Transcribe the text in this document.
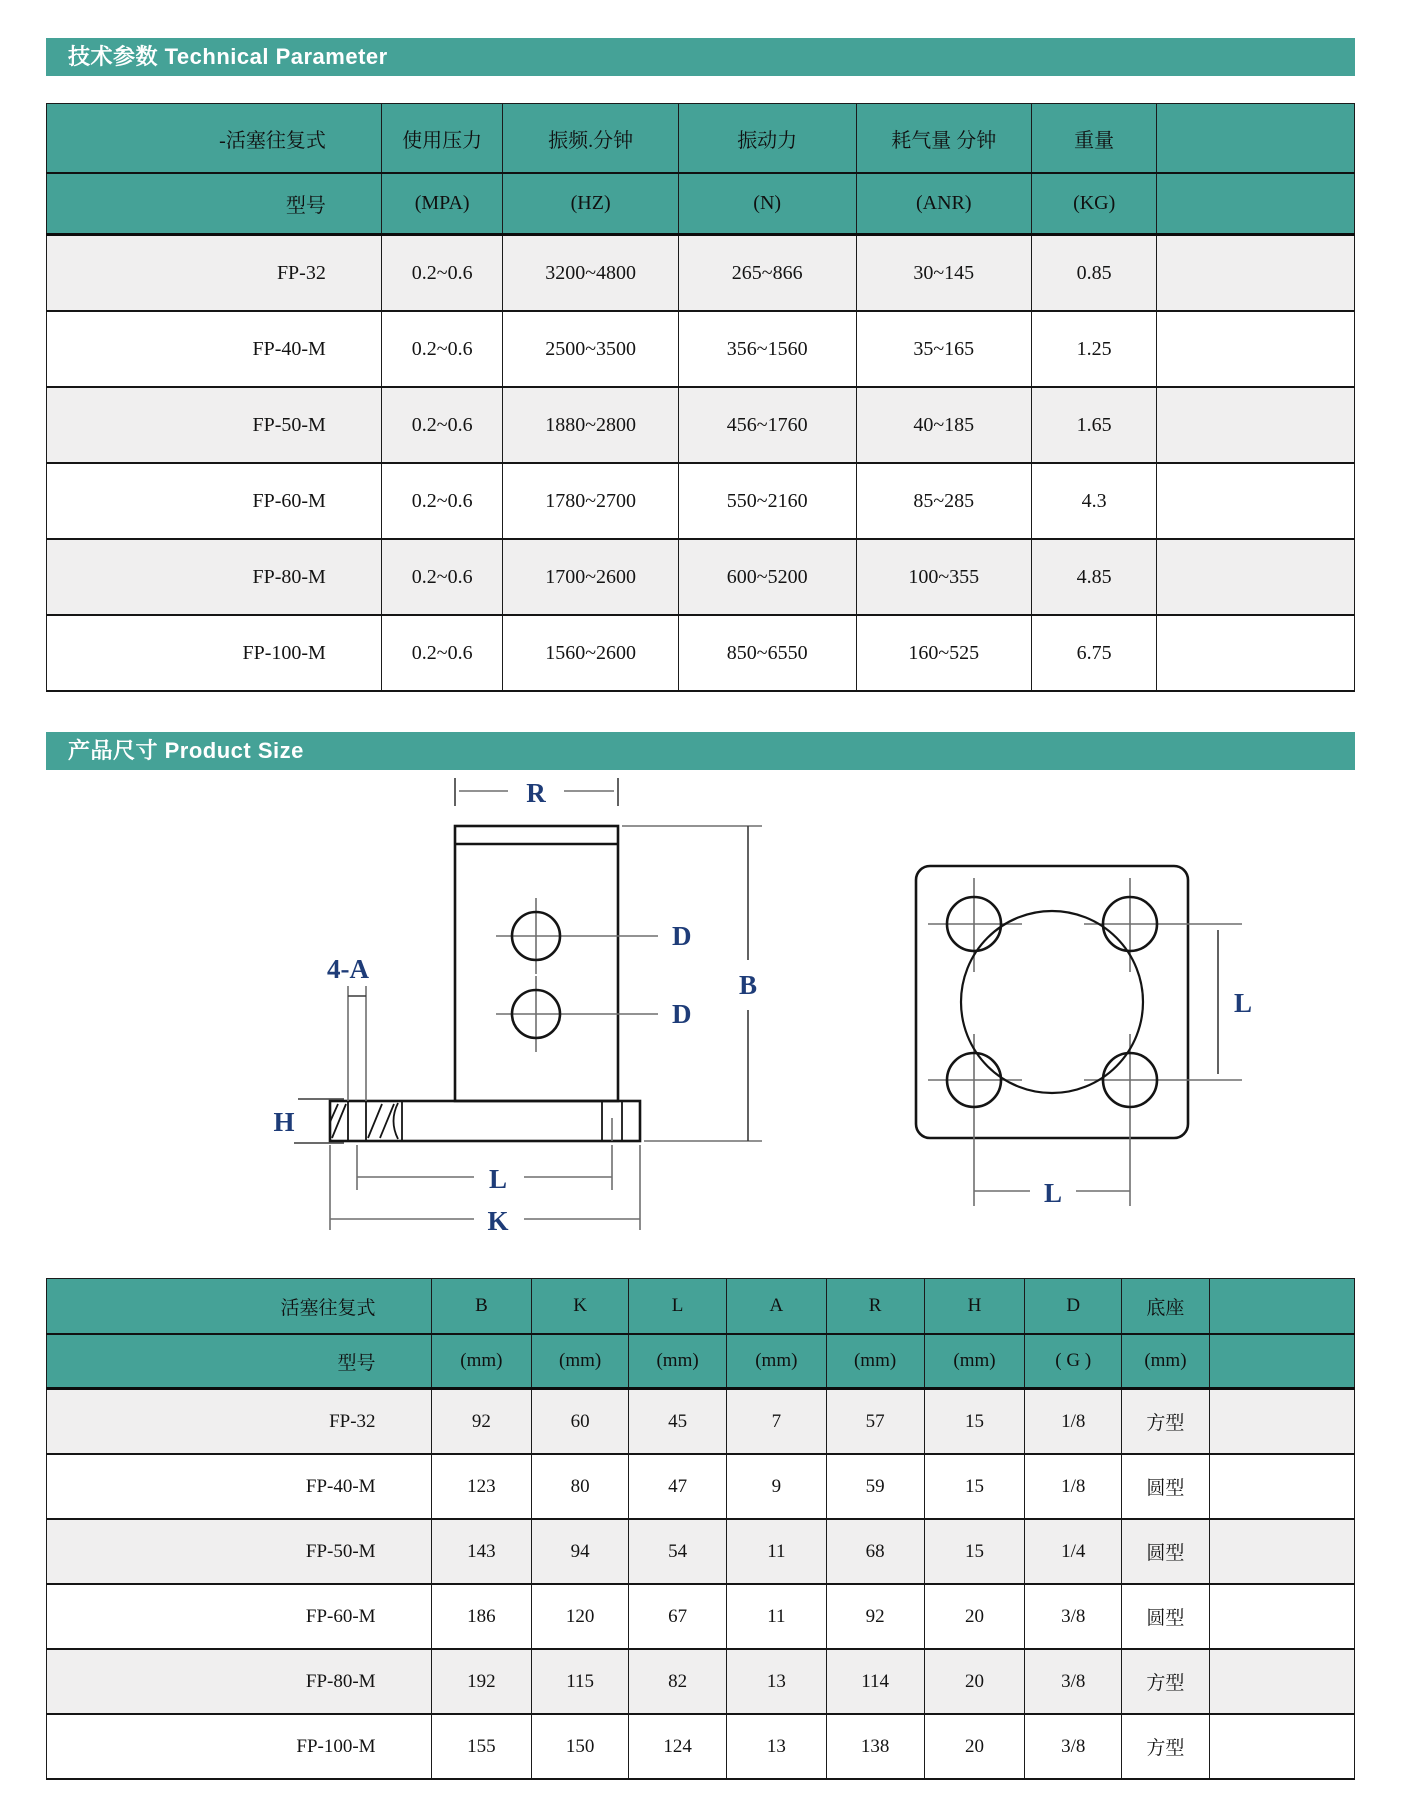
技术参数 Technical Parameter
-活塞往复式	使用压力	振频.分钟	振动力	耗气量 分钟	重量	
型号	(MPA)	(HZ)	(N)	(ANR)	(KG)	
FP-32	0.2~0.6	3200~4800	265~866	30~145	0.85	
FP-40-M	0.2~0.6	2500~3500	356~1560	35~165	1.25	
FP-50-M	0.2~0.6	1880~2800	456~1760	40~185	1.65	
FP-60-M	0.2~0.6	1780~2700	550~2160	85~285	4.3	
FP-80-M	0.2~0.6	1700~2600	600~5200	100~355	4.85	
FP-100-M	0.2~0.6	1560~2600	850~6550	160~525	6.75	
产品尺寸 Product Size
R
D
D
B
4-A
H
L
K
L
L
活塞往复式	B	K	L	A	R	H	D	底座	
型号	(mm)	(mm)	(mm)	(mm)	(mm)	(mm)	( G )	(mm)	
FP-32	92	60	45	7	57	15	1/8	方型	
FP-40-M	123	80	47	9	59	15	1/8	圆型	
FP-50-M	143	94	54	11	68	15	1/4	圆型	
FP-60-M	186	120	67	11	92	20	3/8	圆型	
FP-80-M	192	115	82	13	114	20	3/8	方型	
FP-100-M	155	150	124	13	138	20	3/8	方型	
